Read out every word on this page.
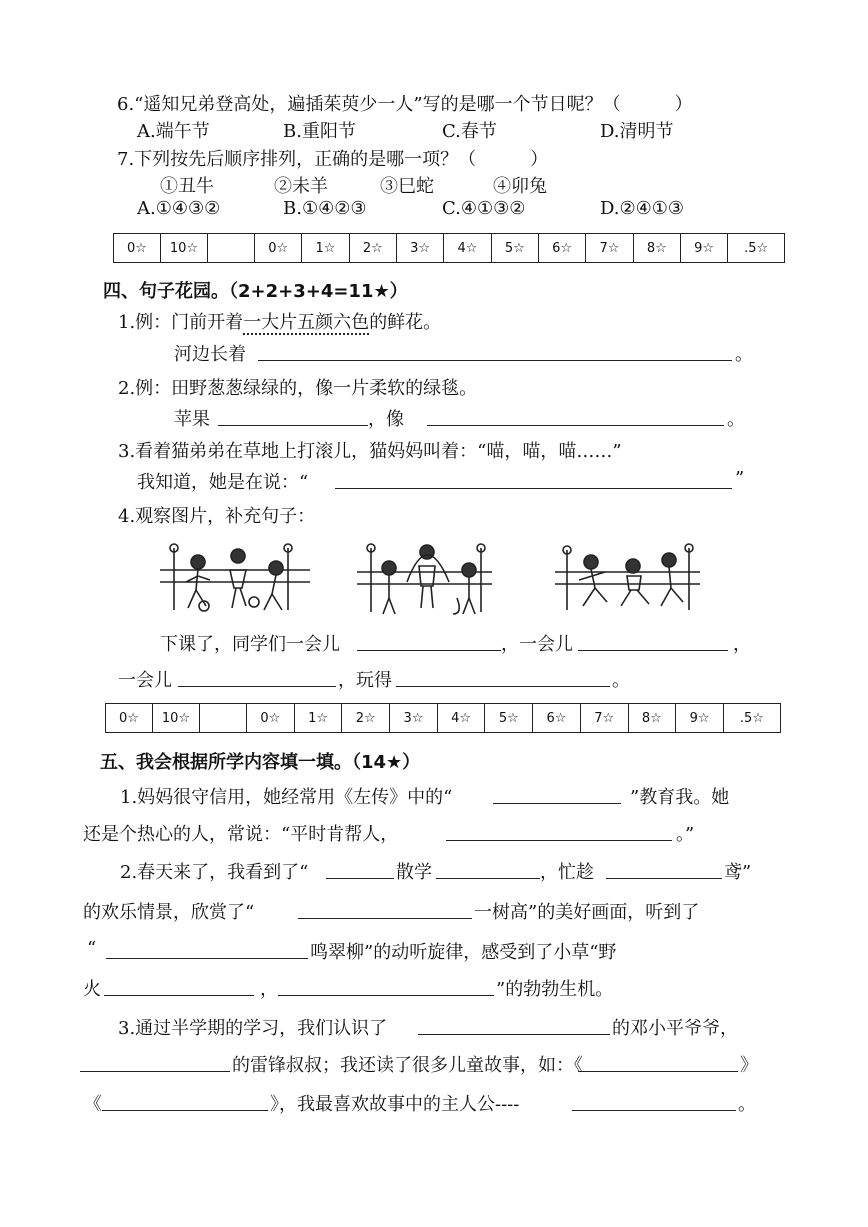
6.“遥知兄弟登高处，遍插茱萸少一人”写的是哪一个节日呢？（　　　）
A.端午节	B.重阳节	C.春节	D.清明节
7.下列按先后顺序排列，正确的是哪一项？（　　　）
①丑牛	②未羊	③巳蛇	④卯兔
A.①④③②	B.①④②③	C.④①③②	D.②④①③
0☆	10☆		0☆	1☆	2☆	3☆	4☆	5☆	6☆	7☆	8☆	9☆	.5☆
四、句子花园。（2+2+3+4=11★）
1.例：门前开着一大片五颜六色的鲜花。
河边长着	。
2.例：田野葱葱绿绿的，像一片柔软的绿毯。
苹果	，像	。
3.看着猫弟弟在草地上打滚儿，猫妈妈叫着：“喵，喵，喵……”
我知道，她是在说：“	”
4.观察图片，补充句子：
下课了，同学们一会儿	，一会儿	，
一会儿	，玩得	。
0☆	10☆		0☆	1☆	2☆	3☆	4☆	5☆	6☆	7☆	8☆	9☆	.5☆
五、我会根据所学内容填一填。（14★）
1.妈妈很守信用，她经常用《左传》中的“	”教育我。她
还是个热心的人，常说：“平时肯帮人，	。”
2.春天来了，我看到了“	散学	，忙趁	鸢”
的欢乐情景，欣赏了“	一树高”的美好画面，听到了
“	鸣翠柳”的动听旋律，感受到了小草“野
火	，	”的勃勃生机。
3.通过半学期的学习，我们认识了	的邓小平爷爷，
的雷锋叔叔；我还读了很多儿童故事，如：《	》
《	》，我最喜欢故事中的主人公----	。
